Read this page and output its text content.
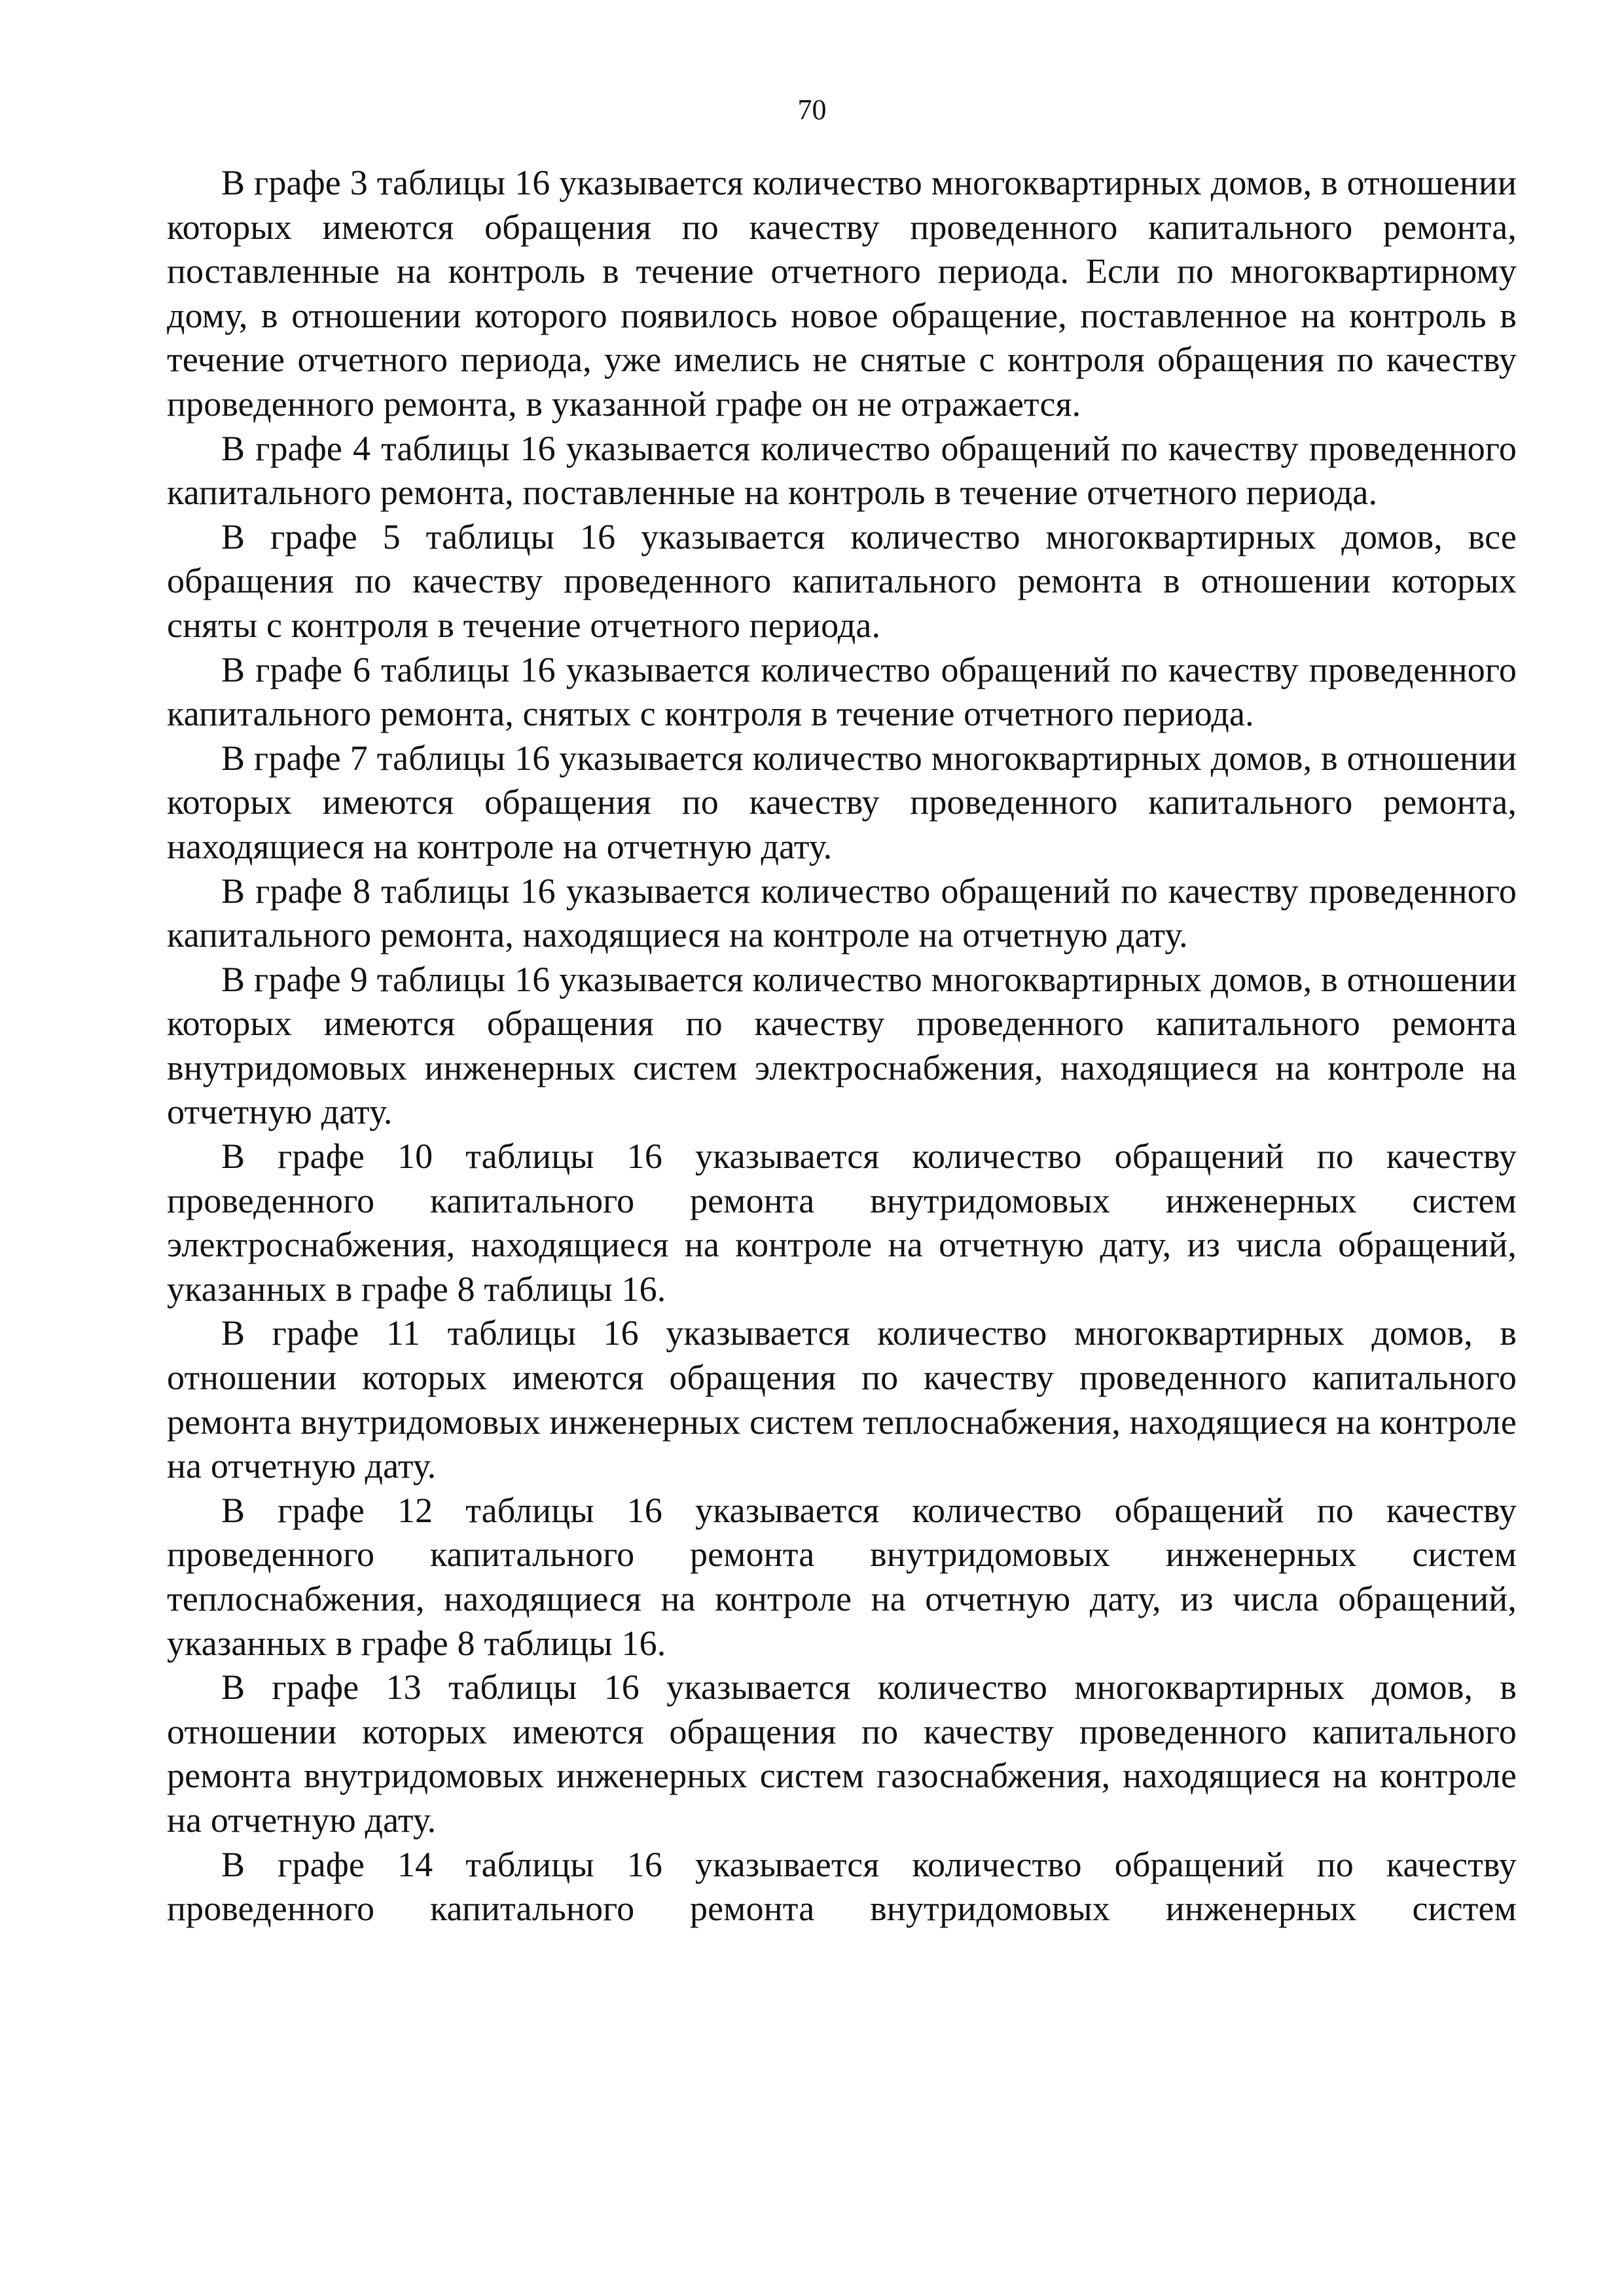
70

В графе 3 таблицы 16 указывается количество многоквартирных домов, в отношении которых имеются обращения по качеству проведенного капитального ремонта, поставленные на контроль в течение отчетного периода. Если по многоквартирному дому, в отношении которого появилось новое обращение, поставленное на контроль в течение отчетного периода, уже имелись не снятые с контроля обращения по качеству проведенного ремонта, в указанной графе он не отражается.

В графе 4 таблицы 16 указывается количество обращений по качеству проведенного капитального ремонта, поставленные на контроль в течение отчетного периода.

В графе 5 таблицы 16 указывается количество многоквартирных домов, все обращения по качеству проведенного капитального ремонта в отношении которых сняты с контроля в течение отчетного периода.

В графе 6 таблицы 16 указывается количество обращений по качеству проведенного капитального ремонта, снятых с контроля в течение отчетного периода.

В графе 7 таблицы 16 указывается количество многоквартирных домов, в отношении которых имеются обращения по качеству проведенного капитального ремонта, находящиеся на контроле на отчетную дату.

В графе 8 таблицы 16 указывается количество обращений по качеству проведенного капитального ремонта, находящиеся на контроле на отчетную дату.

В графе 9 таблицы 16 указывается количество многоквартирных домов, в отношении которых имеются обращения по качеству проведенного капитального ремонта внутридомовых инженерных систем электроснабжения, находящиеся на контроле на отчетную дату.

В графе 10 таблицы 16 указывается количество обращений по качеству проведенного капитального ремонта внутридомовых инженерных систем электроснабжения, находящиеся на контроле на отчетную дату, из числа обращений, указанных в графе 8 таблицы 16.

В графе 11 таблицы 16 указывается количество многоквартирных домов, в отношении которых имеются обращения по качеству проведенного капитального ремонта внутридомовых инженерных систем теплоснабжения, находящиеся на контроле на отчетную дату.

В графе 12 таблицы 16 указывается количество обращений по качеству проведенного капитального ремонта внутридомовых инженерных систем теплоснабжения, находящиеся на контроле на отчетную дату, из числа обращений, указанных в графе 8 таблицы 16.

В графе 13 таблицы 16 указывается количество многоквартирных домов, в отношении которых имеются обращения по качеству проведенного капитального ремонта внутридомовых инженерных систем газоснабжения, находящиеся на контроле на отчетную дату.

В графе 14 таблицы 16 указывается количество обращений по качеству проведенного капитального ремонта внутридомовых инженерных систем
